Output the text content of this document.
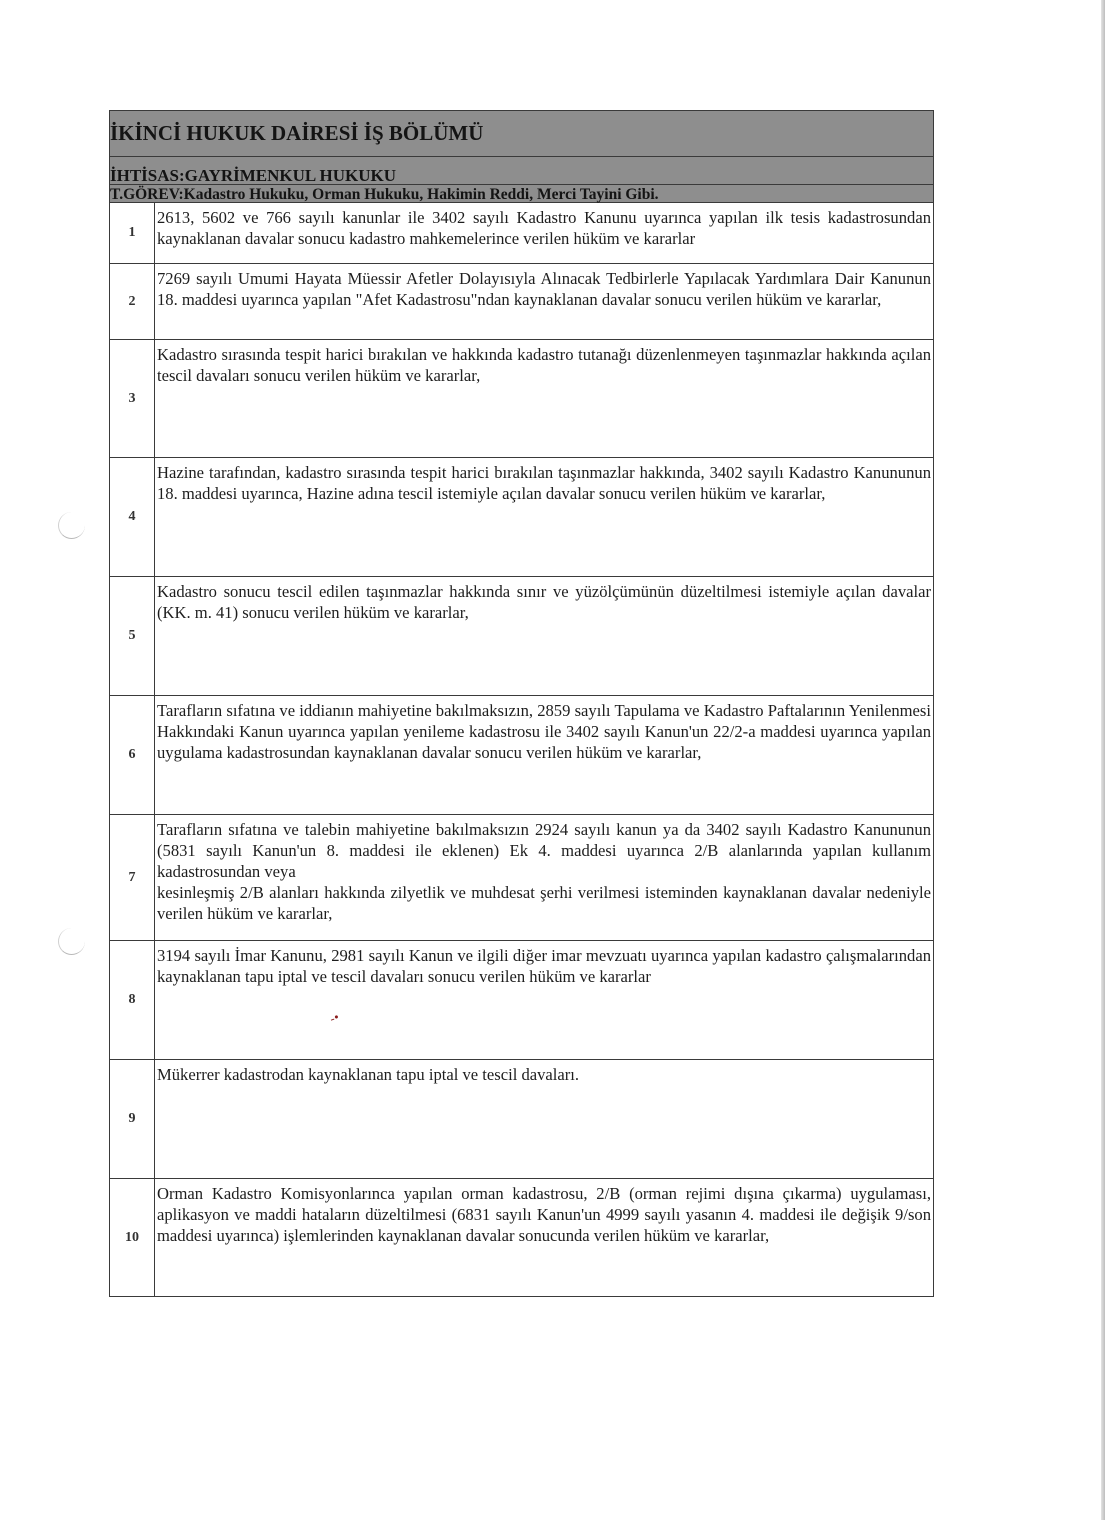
-•
İKİNCİ HUKUK DAİRESİ İŞ BÖLÜMÜ	
İHTİSAS:GAYRİMENKUL HUKUKU	
T.GÖREV:Kadastro Hukuku, Orman Hukuku, Hakimin Reddi, Merci Tayini Gibi.	
1	2613, 5602 ve 766 sayılı kanunlar ile 3402 sayılı Kadastro Kanunu uyarınca yapılan ilk tesis kadastrosundan kaynaklanan davalar sonucu kadastro mahkemelerince verilen hüküm ve kararlar
2	7269 sayılı Umumi Hayata Müessir Afetler Dolayısıyla Alınacak Tedbirlerle Yapılacak Yardımlara Dair Kanunun 18. maddesi uyarınca yapılan "Afet Kadastrosu"ndan kaynaklanan davalar sonucu verilen hüküm ve kararlar,
3	Kadastro sırasında tespit harici bırakılan ve hakkında kadastro tutanağı düzenlenmeyen taşınmazlar hakkında açılan tescil davaları sonucu verilen hüküm ve kararlar,
4	Hazine tarafından, kadastro sırasında tespit harici bırakılan taşınmazlar hakkında, 3402 sayılı Kadastro Kanununun 18. maddesi uyarınca, Hazine adına tescil istemiyle açılan davalar sonucu verilen hüküm ve kararlar,
5	Kadastro sonucu tescil edilen taşınmazlar hakkında sınır ve yüzölçümünün düzeltilmesi istemiyle açılan davalar (KK. m. 41) sonucu verilen hüküm ve kararlar,
6	Tarafların sıfatına ve iddianın mahiyetine bakılmaksızın, 2859 sayılı Tapulama ve Kadastro Paftalarının Yenilenmesi Hakkındaki Kanun uyarınca yapılan yenileme kadastrosu ile 3402 sayılı Kanun'un 22/2-a maddesi uyarınca yapılan uygulama kadastrosundan kaynaklanan davalar sonucu verilen hüküm ve kararlar,
7	Tarafların sıfatına ve talebin mahiyetine bakılmaksızın 2924 sayılı kanun ya da 3402 sayılı Kadastro Kanununun (5831 sayılı Kanun'un 8. maddesi ile eklenen) Ek 4. maddesi uyarınca 2/B alanlarında yapılan kullanım kadastrosundan veya
kesinleşmiş 2/B alanları hakkında zilyetlik ve muhdesat şerhi verilmesi isteminden kaynaklanan davalar nedeniyle verilen hüküm ve kararlar,

8	3194 sayılı İmar Kanunu, 2981 sayılı Kanun ve ilgili diğer imar mevzuatı uyarınca yapılan kadastro çalışmalarından kaynaklanan tapu iptal ve tescil davaları sonucu verilen hüküm ve kararlar
9	Mükerrer kadastrodan kaynaklanan tapu iptal ve tescil davaları.
10	Orman Kadastro Komisyonlarınca yapılan orman kadastrosu, 2/B (orman rejimi dışına çıkarma) uygulaması, aplikasyon ve maddi hataların düzeltilmesi (6831 sayılı Kanun'un 4999 sayılı yasanın 4. maddesi ile değişik 9/son maddesi uyarınca) işlemlerinden kaynaklanan davalar sonucunda verilen hüküm ve kararlar,
